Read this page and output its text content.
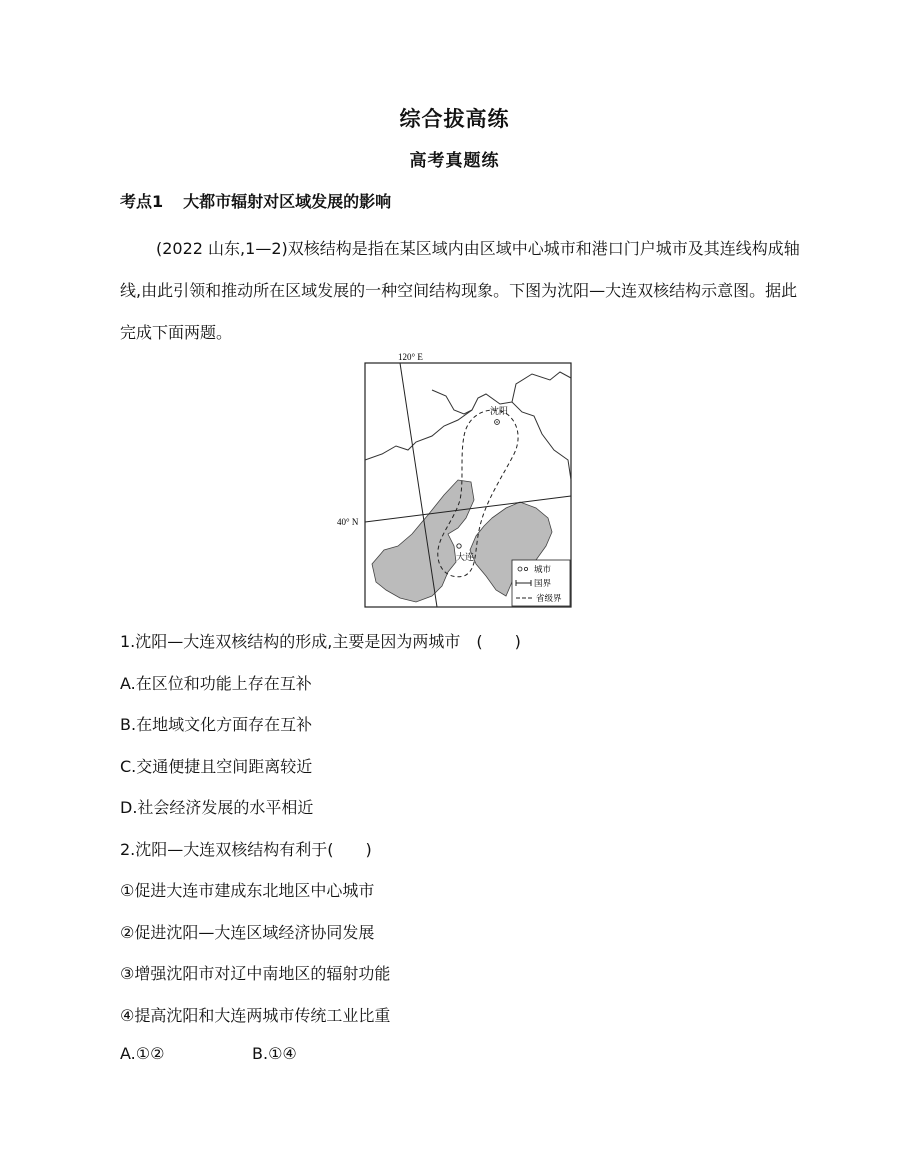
综合拔高练
高考真题练
考点1 大都市辐射对区域发展的影响
(2022 山东,1—2)双核结构是指在某区域内由区域中心城市和港口门户城市及其连线构成轴线,由此引领和推动所在区域发展的一种空间结构现象。下图为沈阳—大连双核结构示意图。据此完成下面两题。
120° E
40° N
沈阳
大连
城市
国界
省级界
1.沈阳—大连双核结构的形成,主要是因为两城市　(　　)
A.在区位和功能上存在互补
B.在地域文化方面存在互补
C.交通便捷且空间距离较近
D.社会经济发展的水平相近
2.沈阳—大连双核结构有利于(　　)
①促进大连市建成东北地区中心城市
②促进沈阳—大连区域经济协同发展
③增强沈阳市对辽中南地区的辐射功能
④提高沈阳和大连两城市传统工业比重
A.①②	B.①④
